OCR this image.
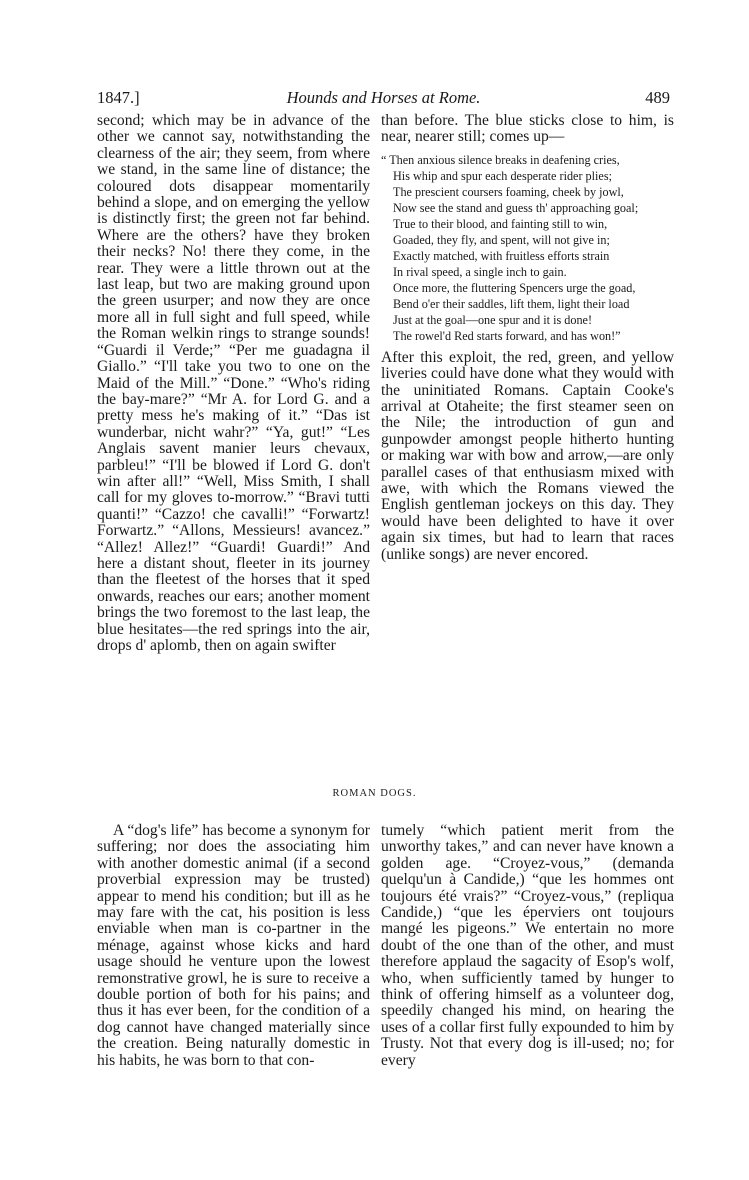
1847.]	Hounds and Horses at Rome.	489

second; which may be in advance of the other we cannot say, notwithstanding the clearness of the air; they seem, from where we stand, in the same line of distance; the coloured dots disappear momentarily behind a slope, and on emerging the yellow is distinctly first; the green not far behind. Where are the others? have they broken their necks? No! there they come, in the rear. They were a little thrown out at the last leap, but two are making ground upon the green usurper; and now they are once more all in full sight and full speed, while the Roman welkin rings to strange sounds! “Guardi il Verde;” “Per me guadagna il Giallo.” “I'll take you two to one on the Maid of the Mill.” “Done.” “Who's riding the bay-mare?” “Mr A. for Lord G. and a pretty mess he's making of it.” “Das ist wunderbar, nicht wahr?” “Ya, gut!” “Les Anglais savent manier leurs chevaux, parbleu!” “I'll be blowed if Lord G. don't win after all!” “Well, Miss Smith, I shall call for my gloves to-morrow.” “Bravi tutti quanti!” “Cazzo! che cavalli!” “Forwartz! Forwartz.” “Allons, Messieurs! avancez.” “Allez! Allez!” “Guardi! Guardi!” And here a distant shout, fleeter in its journey than the fleetest of the horses that it sped onwards, reaches our ears; another moment brings the two foremost to the last leap, the blue hesitates—the red springs into the air, drops d' aplomb, then on again swifter

than before. The blue sticks close to him, is near, nearer still; comes up—

“ Then anxious silence breaks in deafening cries,
His whip and spur each desperate rider plies;
The prescient coursers foaming, cheek by jowl,
Now see the stand and guess th' approaching goal;
True to their blood, and fainting still to win,
Goaded, they fly, and spent, will not give in;
Exactly matched, with fruitless efforts strain
In rival speed, a single inch to gain.
Once more, the fluttering Spencers urge the goad,
Bend o'er their saddles, lift them, light their load
Just at the goal—one spur and it is done!
The rowel'd Red starts forward, and has won!”

After this exploit, the red, green, and yellow liveries could have done what they would with the uninitiated Romans. Captain Cooke's arrival at Otaheite; the first steamer seen on the Nile; the introduction of gun and gunpowder amongst people hitherto hunting or making war with bow and arrow,—are only parallel cases of that enthusiasm mixed with awe, with which the Romans viewed the English gentleman jockeys on this day. They would have been delighted to have it over again six times, but had to learn that races (unlike songs) are never encored.

ROMAN DOGS.

A “dog's life” has become a synonym for suffering; nor does the associating him with another domestic animal (if a second proverbial expression may be trusted) appear to mend his condition; but ill as he may fare with the cat, his position is less enviable when man is co-partner in the ménage, against whose kicks and hard usage should he venture upon the lowest remonstrative growl, he is sure to receive a double portion of both for his pains; and thus it has ever been, for the condition of a dog cannot have changed materially since the creation. Being naturally domestic in his habits, he was born to that con-

tumely “which patient merit from the unworthy takes,” and can never have known a golden age. “Croyez-vous,” (demanda quelqu'un à Candide,) “que les hommes ont toujours été vrais?” “Croyez-vous,” (repliqua Candide,) “que les éperviers ont toujours mangé les pigeons.” We entertain no more doubt of the one than of the other, and must therefore applaud the sagacity of Esop's wolf, who, when sufficiently tamed by hunger to think of offering himself as a volunteer dog, speedily changed his mind, on hearing the uses of a collar first fully expounded to him by Trusty. Not that every dog is ill-used; no; for every
